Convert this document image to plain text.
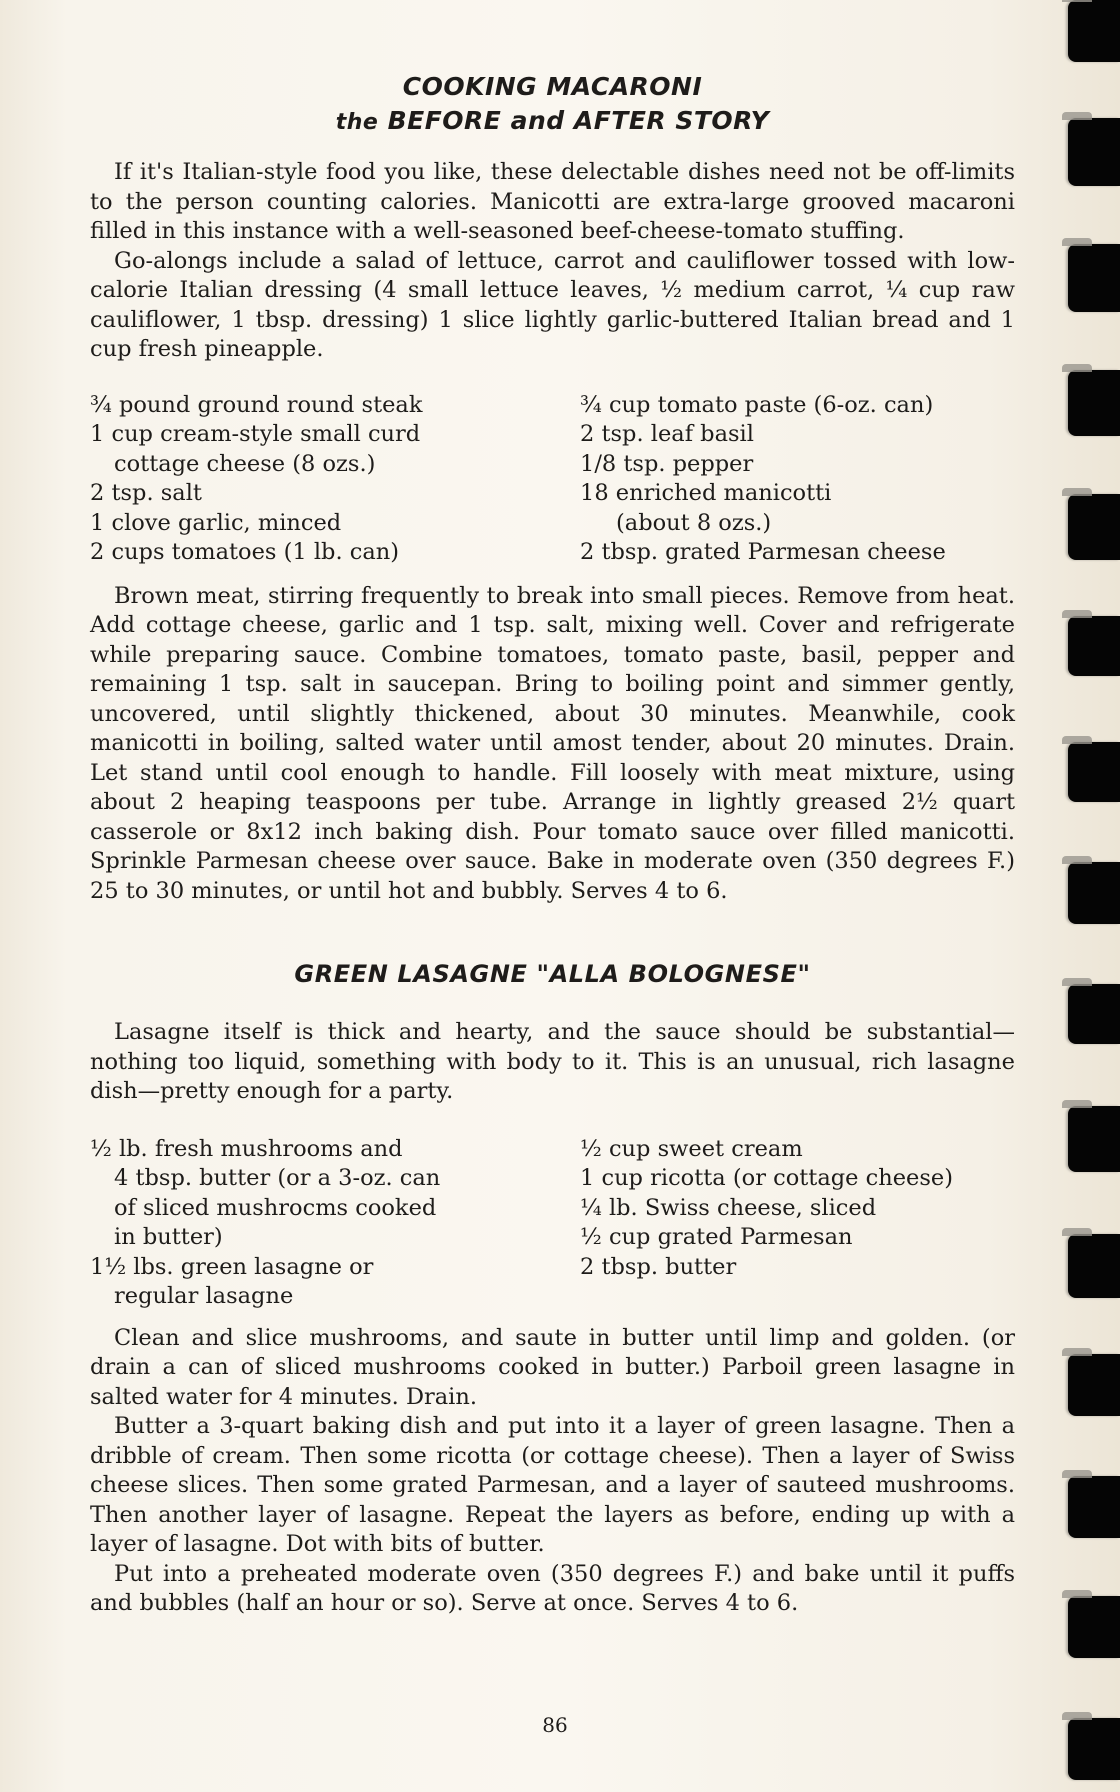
COOKING MACARONI
the BEFORE and AFTER STORY

If it's Italian-style food you like, these delectable dishes need not be off-limits to the person counting calories. Manicotti are extra-large grooved macaroni filled in this instance with a well-seasoned beef-cheese-tomato stuffing.

Go-alongs include a salad of lettuce, carrot and cauliflower tossed with low-calorie Italian dressing (4 small lettuce leaves, ½ medium carrot, ¼ cup raw cauliflower, 1 tbsp. dressing) 1 slice lightly garlic-buttered Italian bread and 1 cup fresh pineapple.

¾ pound ground round steak
1 cup cream-style small curd
cottage cheese (8 ozs.)
2 tsp. salt
1 clove garlic, minced
2 cups tomatoes (1 lb. can)
¾ cup tomato paste (6-oz. can)
2 tsp. leaf basil
1/8 tsp. pepper
18 enriched manicotti
(about 8 ozs.)
2 tbsp. grated Parmesan cheese

Brown meat, stirring frequently to break into small pieces. Remove from heat. Add cottage cheese, garlic and 1 tsp. salt, mixing well. Cover and refrigerate while preparing sauce. Combine tomatoes, tomato paste, basil, pepper and remaining 1 tsp. salt in saucepan. Bring to boiling point and simmer gently, uncovered, until slightly thickened, about 30 minutes. Meanwhile, cook manicotti in boiling, salted water until amost tender, about 20 minutes. Drain. Let stand until cool enough to handle. Fill loosely with meat mixture, using about 2 heaping teaspoons per tube. Arrange in lightly greased 2½ quart casserole or 8x12 inch baking dish. Pour tomato sauce over filled manicotti. Sprinkle Parmesan cheese over sauce. Bake in moderate oven (350 degrees F.) 25 to 30 minutes, or until hot and bubbly. Serves 4 to 6.

GREEN LASAGNE "ALLA BOLOGNESE"

Lasagne itself is thick and hearty, and the sauce should be substantial—nothing too liquid, something with body to it. This is an unusual, rich lasagne dish—pretty enough for a party.

½ lb. fresh mushrooms and
4 tbsp. butter (or a 3-oz. can
of sliced mushrocms cooked
in butter)
1½ lbs. green lasagne or
regular lasagne
½ cup sweet cream
1 cup ricotta (or cottage cheese)
¼ lb. Swiss cheese, sliced
½ cup grated Parmesan
2 tbsp. butter

Clean and slice mushrooms, and saute in butter until limp and golden. (or drain a can of sliced mushrooms cooked in butter.) Parboil green lasagne in salted water for 4 minutes. Drain.

Butter a 3-quart baking dish and put into it a layer of green lasagne. Then a dribble of cream. Then some ricotta (or cottage cheese). Then a layer of Swiss cheese slices. Then some grated Parmesan, and a layer of sauteed mushrooms. Then another layer of lasagne. Repeat the layers as before, ending up with a layer of lasagne. Dot with bits of butter.

Put into a preheated moderate oven (350 degrees F.) and bake until it puffs and bubbles (half an hour or so). Serve at once. Serves 4 to 6.

86
